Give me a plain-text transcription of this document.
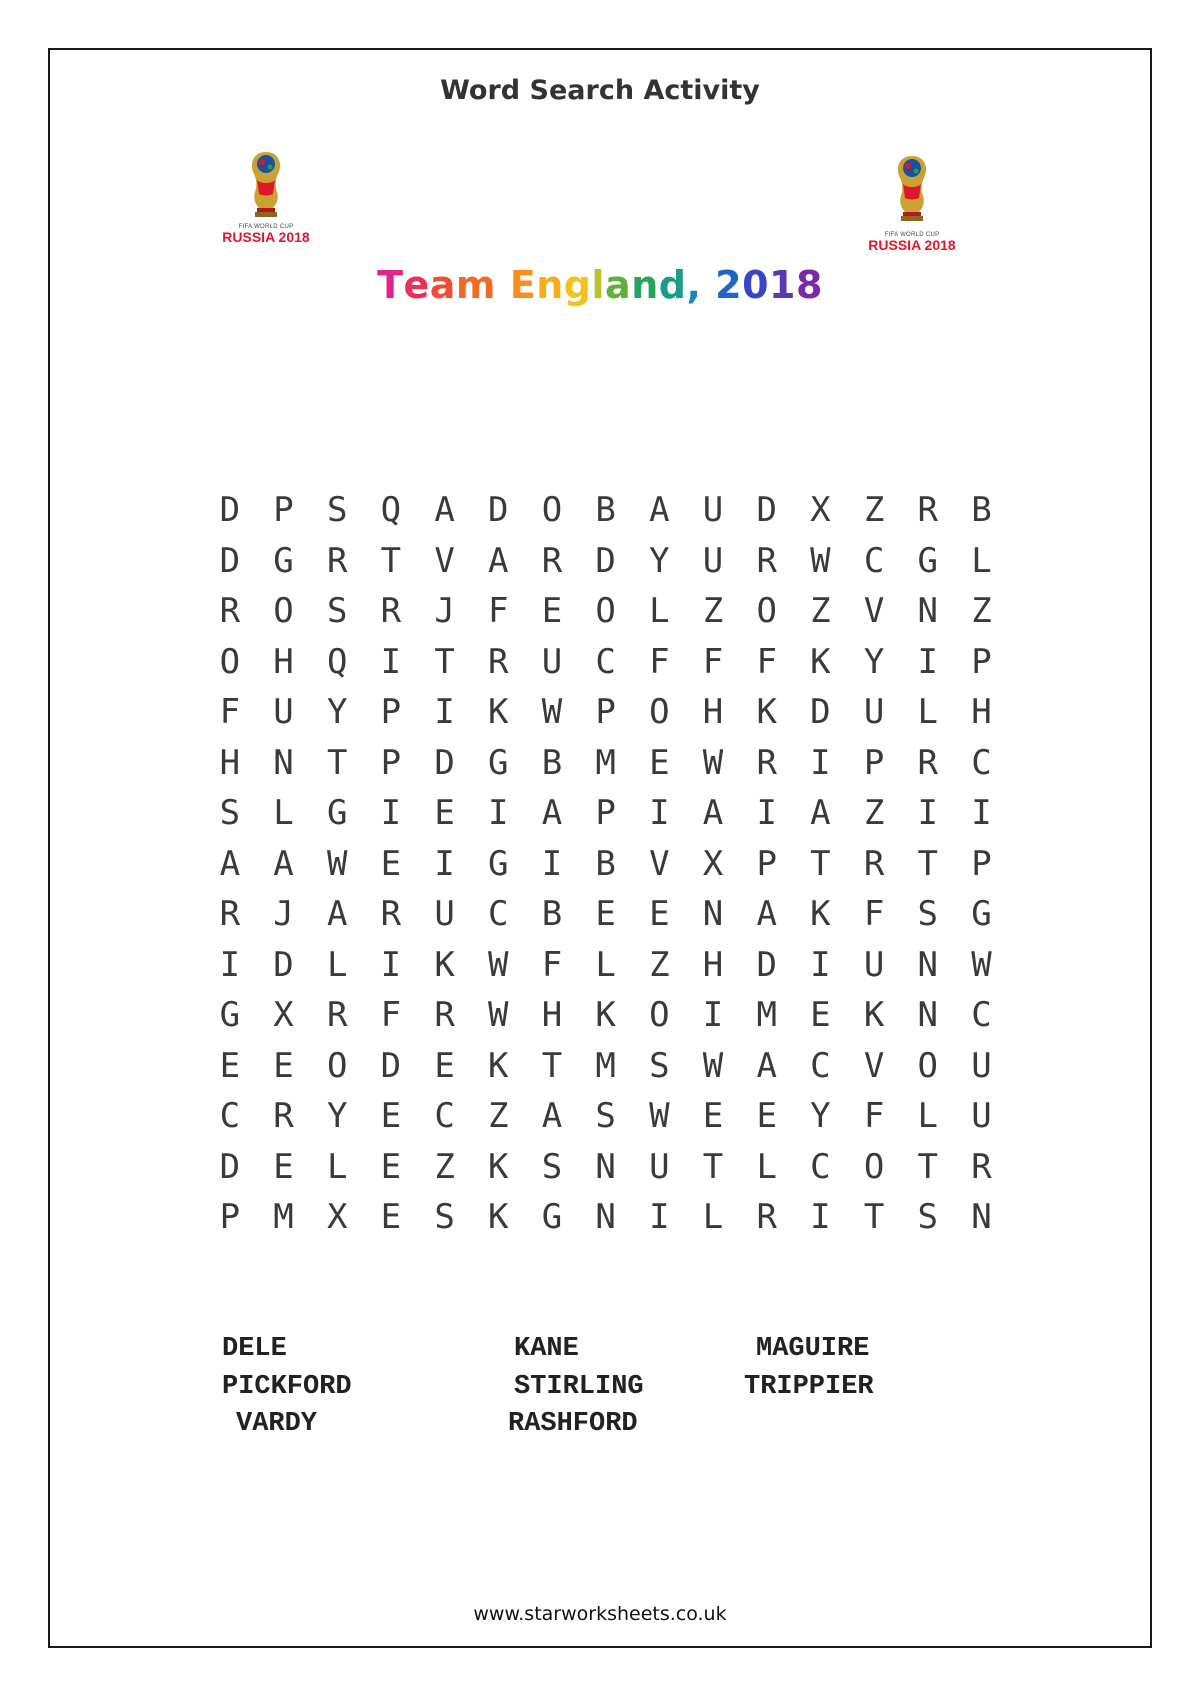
Word Search Activity
FIFA WORLD CUP
RUSSIA 2018	FIFA WORLD CUP
RUSSIA 2018
Team England, 2018
D P S Q A D O B A U D X Z R B
D G R T V A R D Y U R W C G L
R O S R J F E O L Z O Z V N Z
O H Q I T R U C F F F K Y I P
F U Y P I K W P O H K D U L H
H N T P D G B M E W R I P R C
S L G I E I A P I A I A Z I I
A A W E I G I B V X P T R T P
R J A R U C B E E N A K F S G
I D L I K W F L Z H D I U N W
G X R F R W H K O I M E K N C
E E O D E K T M S W A C V O U
C R Y E C Z A S W E E Y F L U
D E L E Z K S N U T L C O T R
P M X E S K G N I L R I T S N
DELE	KANE	MAGUIRE
PICKFORD	STIRLING	TRIPPIER
VARDY	RASHFORD
www.starworksheets.co.uk
